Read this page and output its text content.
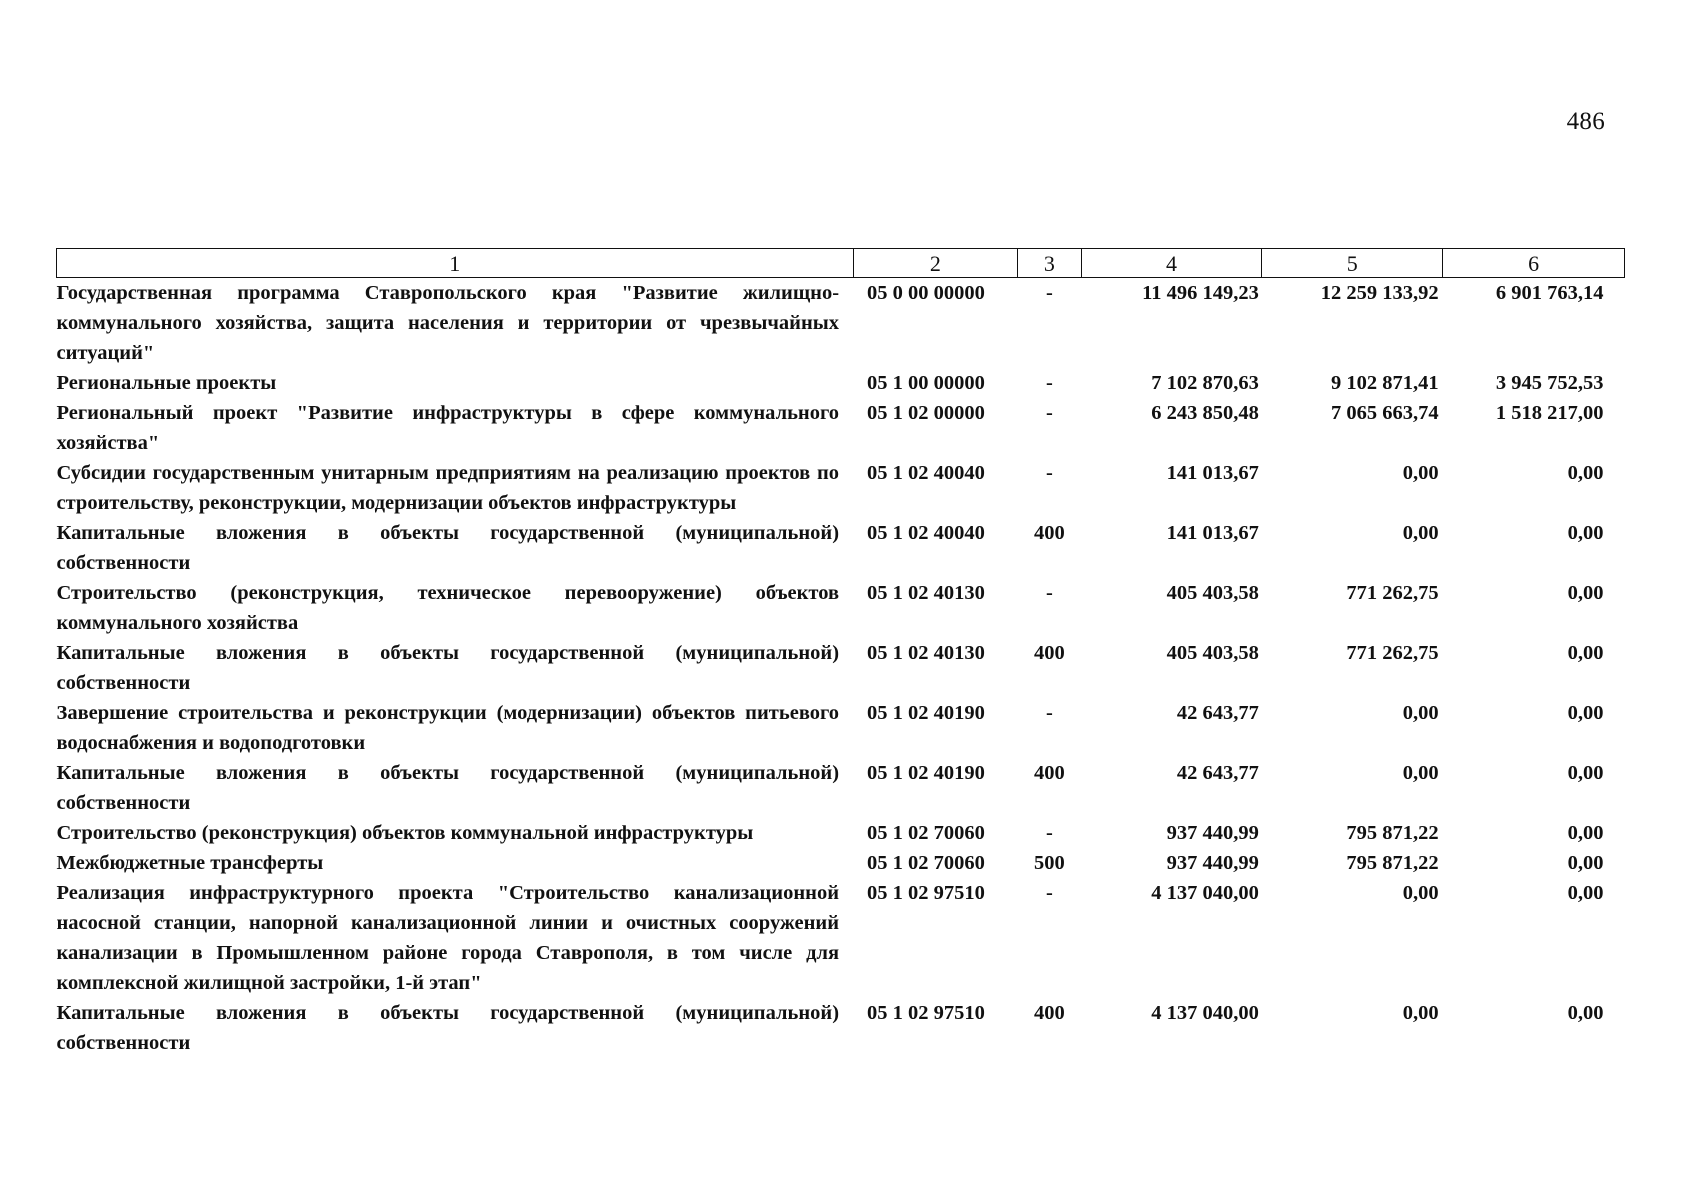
486
1	2	3	4	5	6
Государственная программа Ставропольского края "Развитие жилищно-коммунального хозяйства, защита населения и территории от чрезвычайных ситуаций"	05 0 00 00000	-	11 496 149,23	12 259 133,92	6 901 763,14
Региональные проекты	05 1 00 00000	-	7 102 870,63	9 102 871,41	3 945 752,53
Региональный проект "Развитие инфраструктуры в сфере коммунального хозяйства"	05 1 02 00000	-	6 243 850,48	7 065 663,74	1 518 217,00
Субсидии государственным унитарным предприятиям на реализацию проектов по строительству, реконструкции, модернизации объектов инфраструктуры	05 1 02 40040	-	141 013,67	0,00	0,00
Капитальные вложения в объекты государственной (муниципальной) собственности	05 1 02 40040	400	141 013,67	0,00	0,00
Строительство (реконструкция, техническое перевооружение) объектов коммунального хозяйства	05 1 02 40130	-	405 403,58	771 262,75	0,00
Капитальные вложения в объекты государственной (муниципальной) собственности	05 1 02 40130	400	405 403,58	771 262,75	0,00
Завершение строительства и реконструкции (модернизации) объектов питьевого водоснабжения и водоподготовки	05 1 02 40190	-	42 643,77	0,00	0,00
Капитальные вложения в объекты государственной (муниципальной) собственности	05 1 02 40190	400	42 643,77	0,00	0,00
Строительство (реконструкция) объектов коммунальной инфраструктуры	05 1 02 70060	-	937 440,99	795 871,22	0,00
Межбюджетные трансферты	05 1 02 70060	500	937 440,99	795 871,22	0,00
Реализация инфраструктурного проекта "Строительство канализационной насосной станции, напорной канализационной линии и очистных сооружений канализации в Промышленном районе города Ставрополя, в том числе для комплексной жилищной застройки, 1-й этап"	05 1 02 97510	-	4 137 040,00	0,00	0,00
Капитальные вложения в объекты государственной (муниципальной) собственности	05 1 02 97510	400	4 137 040,00	0,00	0,00
